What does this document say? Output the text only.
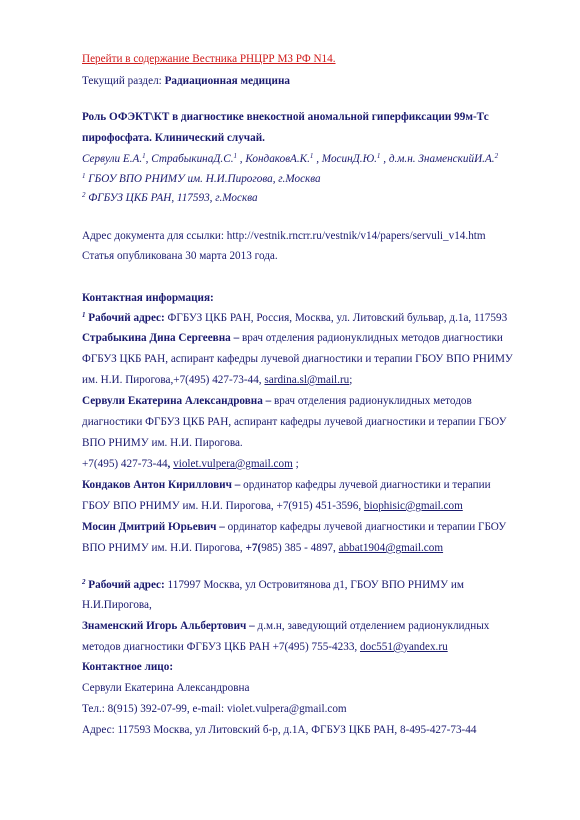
Перейти в содержание Вестника РНЦРР МЗ РФ N14.
Текущий раздел: Радиационная медицина
Роль ОФЭКТ\КТ в диагностике внекостной аномальной гиперфиксации 99м-Тс
пирофосфата. Клинический случай.
Сервули Е.А.$^1$, СтрабыкинаД.С.$^1$ , КондаковА.К.$^1$ , МосинД.Ю.$^1$ , д.м.н. ЗнаменскийИ.А.$^2$
$^1$ ГБОУ ВПО РНИМУ им. Н.И.Пирогова, г.Москва
$^2$ ФГБУЗ ЦКБ РАН, 117593, г.Москва
Адрес документа для ссылки: http://vestnik.rncrr.ru/vestnik/v14/papers/servuli_v14.htm
Статья опубликована 30 марта 2013 года.
Контактная информация:
$^1$ Рабочий адрес: ФГБУЗ ЦКБ РАН, Россия, Москва, ул. Литовский бульвар, д.1а, 117593
Страбыкина Дина Сергеевна – врач отделения радионуклидных методов диагностики
ФГБУЗ ЦКБ РАН, аспирант кафедры лучевой диагностики и терапии ГБОУ ВПО РНИМУ
им. Н.И. Пирогова,+7(495) 427-73-44, sardina.sl@mail.ru;
Сервули Екатерина Александровна – врач отделения радионуклидных методов
диагностики ФГБУЗ ЦКБ РАН, аспирант кафедры лучевой диагностики и терапии ГБОУ
ВПО РНИМУ им. Н.И. Пирогова.
+7(495) 427-73-44, violet.vulpera@gmail.com ;
Кондаков Антон Кириллович – ординатор кафедры лучевой диагностики и терапии
ГБОУ ВПО РНИМУ им. Н.И. Пирогова, +7(915) 451-3596, biophisic@gmail.com
Мосин Дмитрий Юрьевич – ординатор кафедры лучевой диагностики и терапии ГБОУ
ВПО РНИМУ им. Н.И. Пирогова, +7(985) 385 - 4897, abbat1904@gmail.com
$^2$ Рабочий адрес: 117997 Москва, ул Островитянова д1, ГБОУ ВПО РНИМУ им
Н.И.Пирогова,
Знаменский Игорь Альбертович – д.м.н, заведующий отделением радионуклидных
методов диагностики ФГБУЗ ЦКБ РАН +7(495) 755-4233, doc551@yandex.ru
Контактное лицо:
Сервули Екатерина Александровна
Тел.: 8(915) 392-07-99, e-mail: violet.vulpera@gmail.com
Адрес: 117593 Москва, ул Литовский б-р, д.1А, ФГБУЗ ЦКБ РАН, 8-495-427-73-44
